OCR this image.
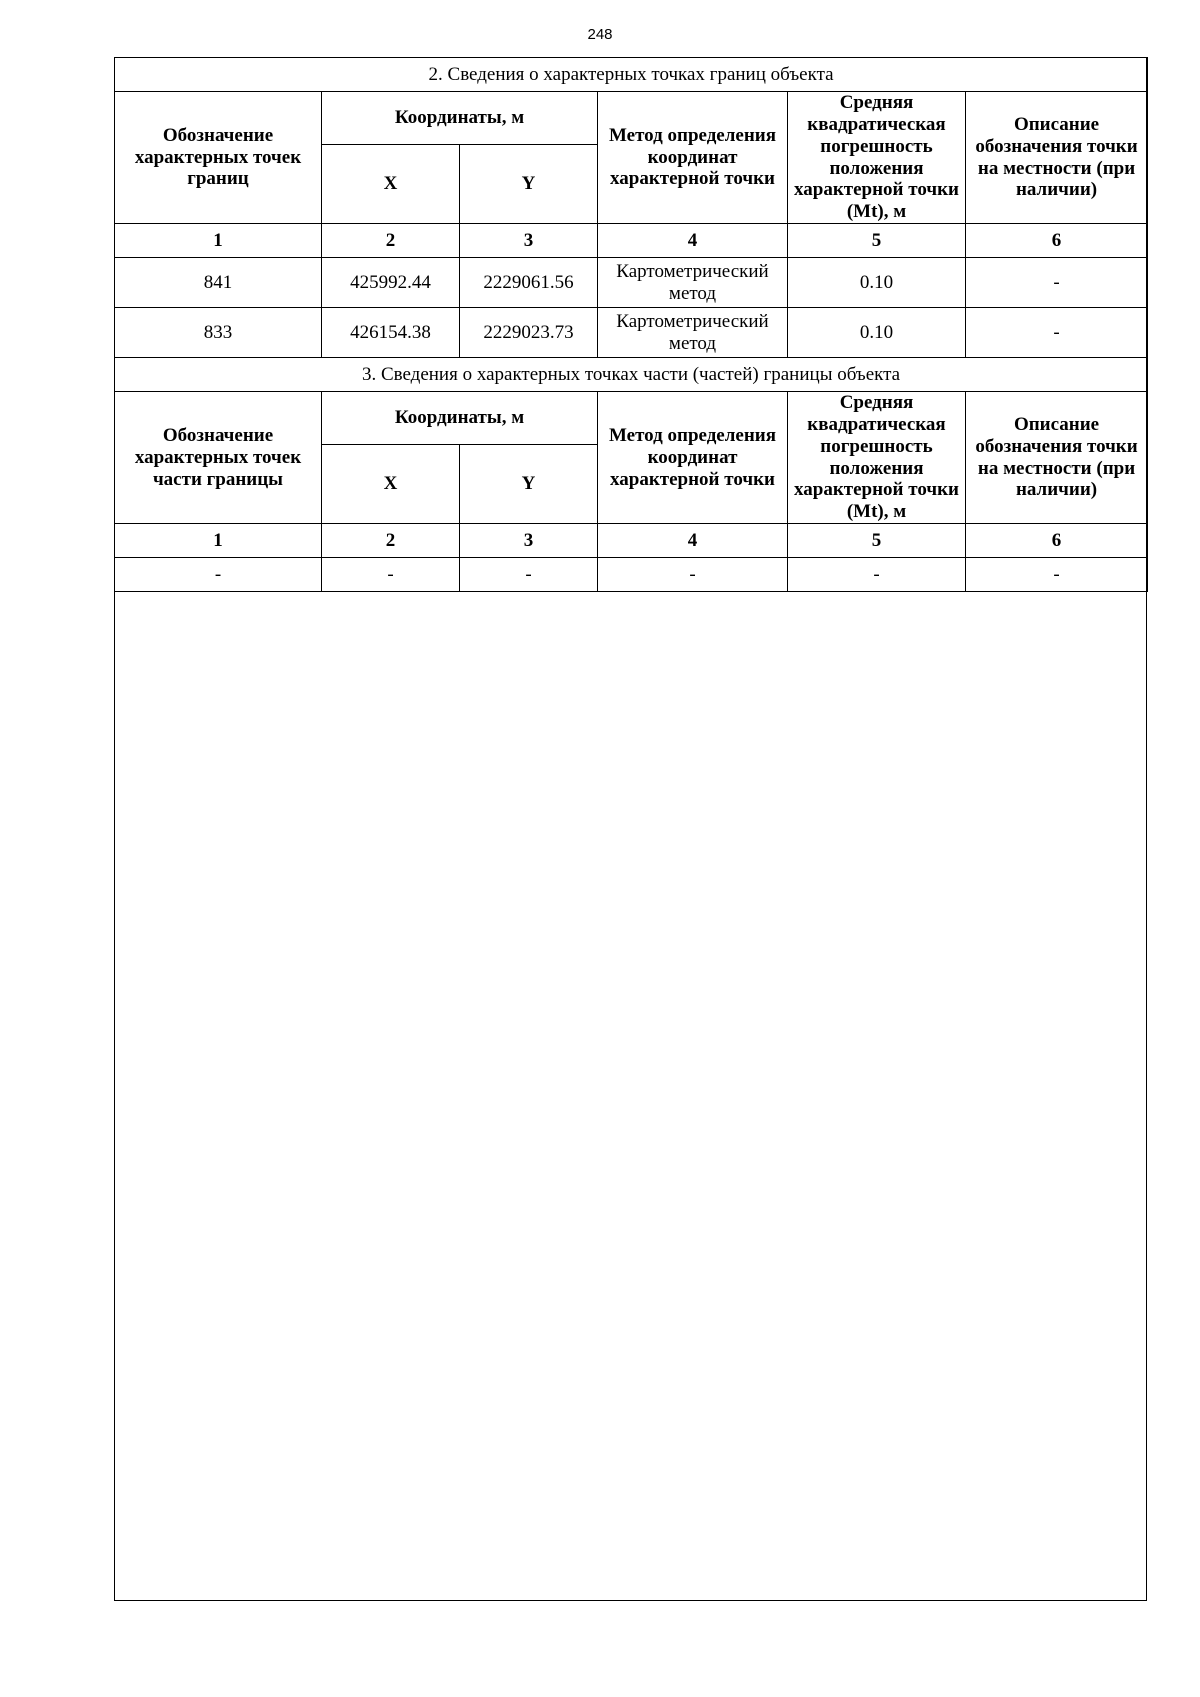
248
2. Сведения о характерных точках границ объекта					
Обозначение характерных точек границ	Координаты, м		Метод определения координат характерной точки	Средняя квадратическая погрешность положения характерной точки (Mt), м	Описание обозначения точки на местности (при наличии)
	X	Y			
1	2	3	4	5	6
841	425992.44	2229061.56	Картометрический метод	0.10	-
833	426154.38	2229023.73	Картометрический метод	0.10	-
3. Сведения о характерных точках части (частей) границы объекта					
Обозначение характерных точек части границы	Координаты, м		Метод определения координат характерной точки	Средняя квадратическая погрешность положения характерной точки (Mt), м	Описание обозначения точки на местности (при наличии)
	X	Y			
1	2	3	4	5	6
-	-	-	-	-	-
